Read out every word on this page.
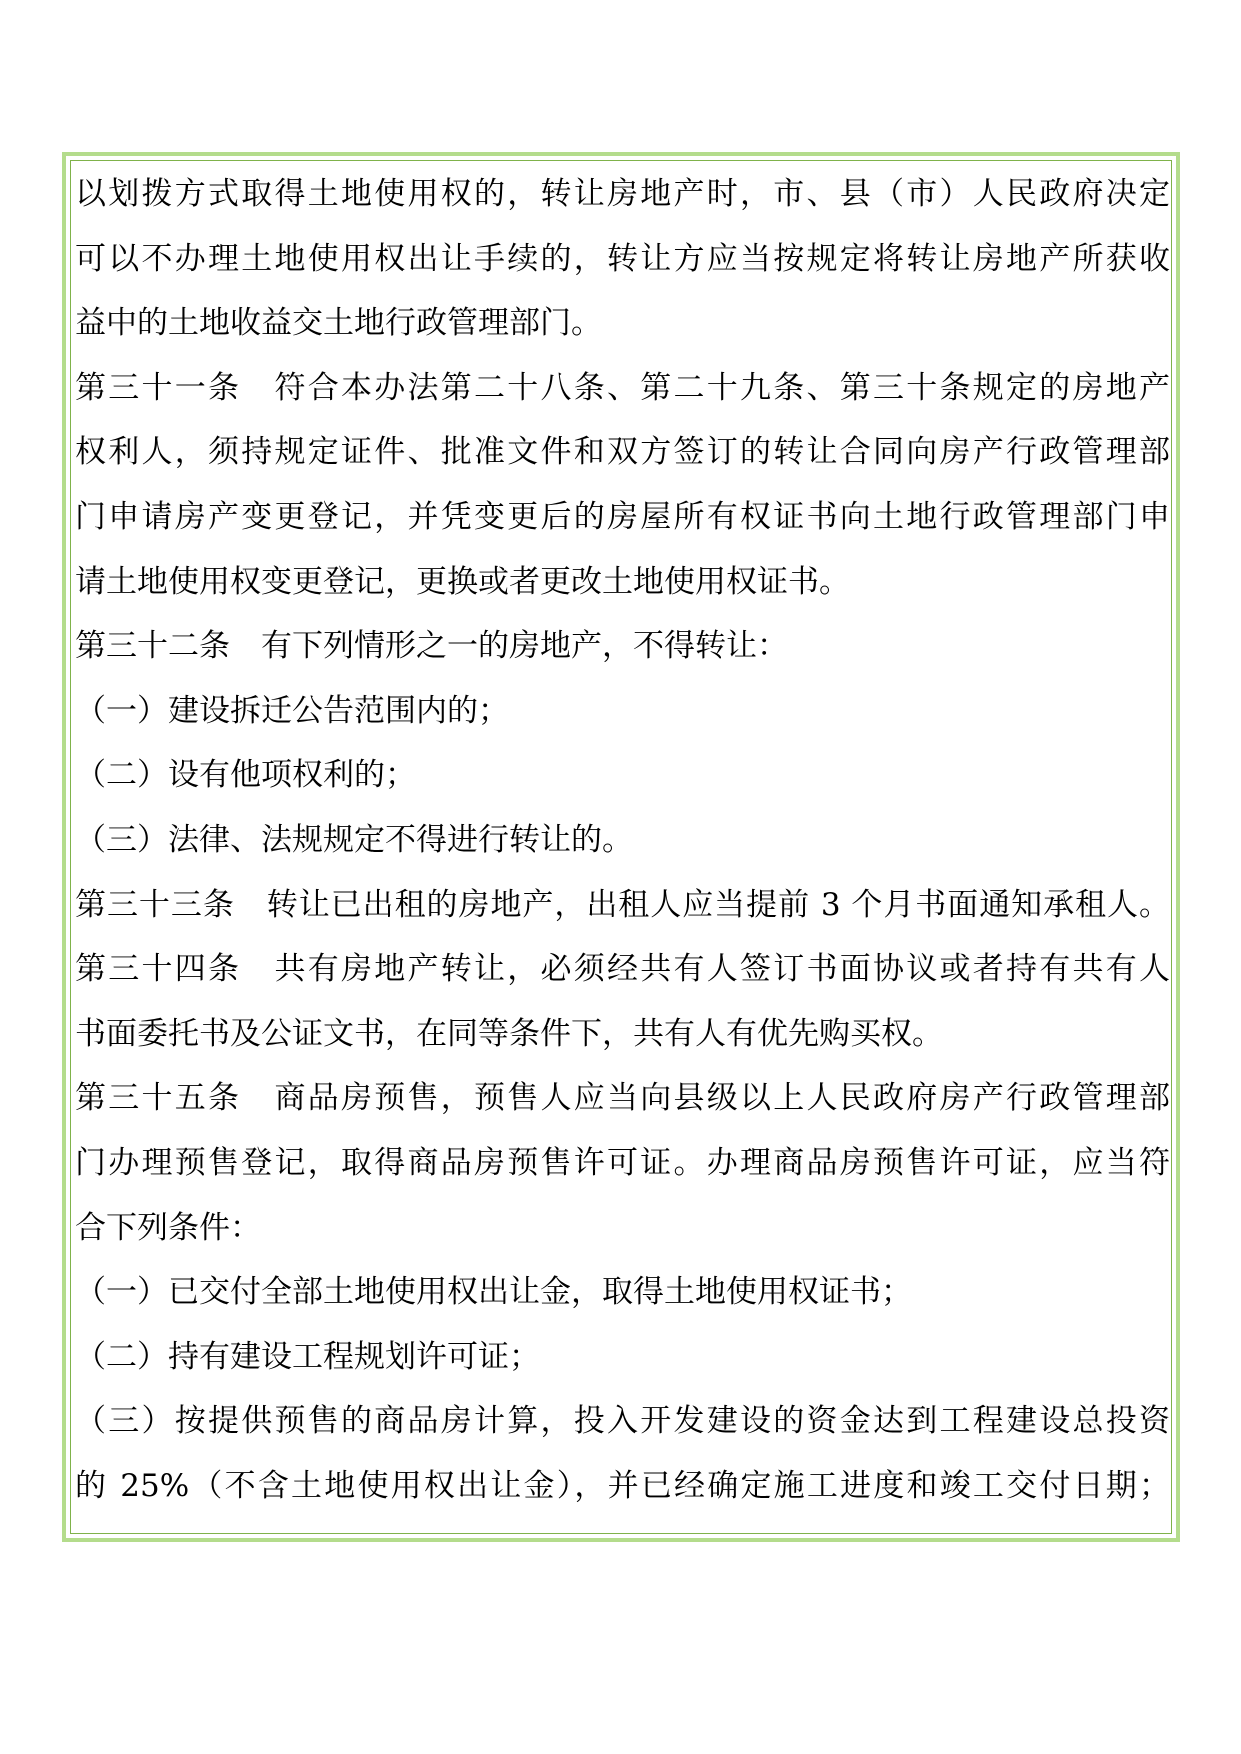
以划拨方式取得土地使用权的，转让房地产时，市、县（市）人民政府决定
可以不办理土地使用权出让手续的，转让方应当按规定将转让房地产所获收
益中的土地收益交土地行政管理部门。
第三十一条　符合本办法第二十八条、第二十九条、第三十条规定的房地产
权利人，须持规定证件、批准文件和双方签订的转让合同向房产行政管理部
门申请房产变更登记，并凭变更后的房屋所有权证书向土地行政管理部门申
请土地使用权变更登记，更换或者更改土地使用权证书。
第三十二条　有下列情形之一的房地产，不得转让：
（一）建设拆迁公告范围内的；
（二）设有他项权利的；
（三）法律、法规规定不得进行转让的。
第三十三条　转让已出租的房地产，出租人应当提前 3 个月书面通知承租人。
第三十四条　共有房地产转让，必须经共有人签订书面协议或者持有共有人
书面委托书及公证文书，在同等条件下，共有人有优先购买权。
第三十五条　商品房预售，预售人应当向县级以上人民政府房产行政管理部
门办理预售登记，取得商品房预售许可证。办理商品房预售许可证，应当符
合下列条件：
（一）已交付全部土地使用权出让金，取得土地使用权证书；
（二）持有建设工程规划许可证；
（三）按提供预售的商品房计算，投入开发建设的资金达到工程建设总投资
的 25%（不含土地使用权出让金），并已经确定施工进度和竣工交付日期；
